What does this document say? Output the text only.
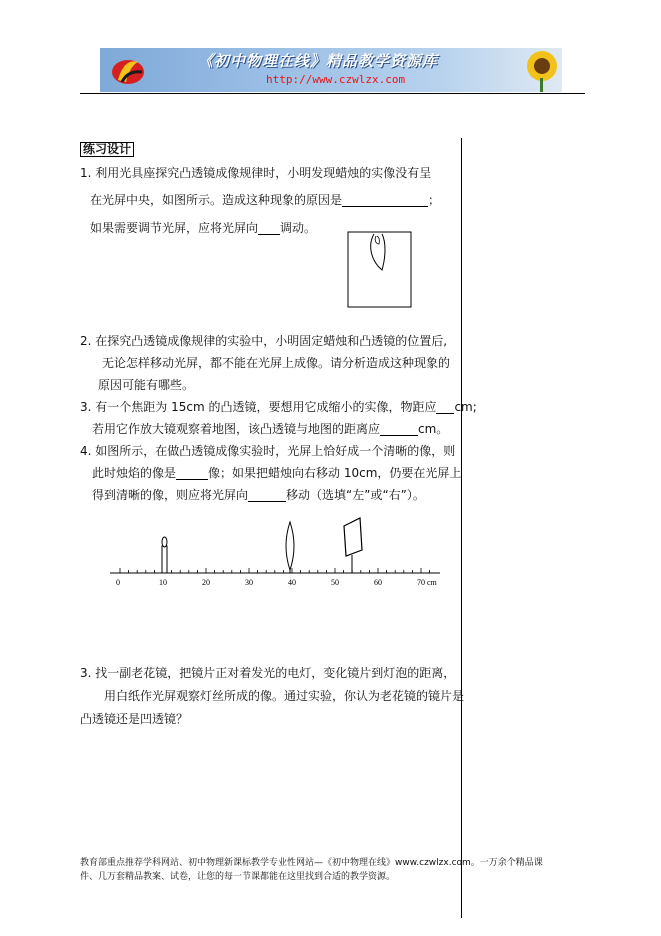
《初中物理在线》精品教学资源库
http://www.czwlzx.com
练习设计
1. 利用光具座探究凸透镜成像规律时，小明发现蜡烛的实像没有呈
在光屏中央，如图所示。造成这种现象的原因是	；
如果需要调节光屏，应将光屏向 调动。
2. 在探究凸透镜成像规律的实验中，小明固定蜡烛和凸透镜的位置后,
无论怎样移动光屏，都不能在光屏上成像。请分析造成这种现象的
原因可能有哪些。
3. 有一个焦距为 15cm 的凸透镜，要想用它成缩小的实像，物距应 cm;
若用它作放大镜观察着地图，该凸透镜与地图的距离应	cm。
4. 如图所示，在做凸透镜成像实验时，光屏上恰好成一个清晰的像，则
此时烛焰的像是	像；如果把蜡烛向右移动 10cm，仍要在光屏上
得到清晰的像，则应将光屏向	移动（选填“左”或“右”）。
0	10	20	30	40	50	60	70 cm
3. 找一副老花镜，把镜片正对着发光的电灯，变化镜片到灯泡的距离，
用白纸作光屏观察灯丝所成的像。通过实验，你认为老花镜的镜片是
凸透镜还是凹透镜？
教育部重点推荐学科网站、初中物理新课标教学专业性网站—《初中物理在线》www.czwlzx.com。一万余个精品课
件、几万套精品教案、试卷，让您的每一节课都能在这里找到合适的教学资源。
